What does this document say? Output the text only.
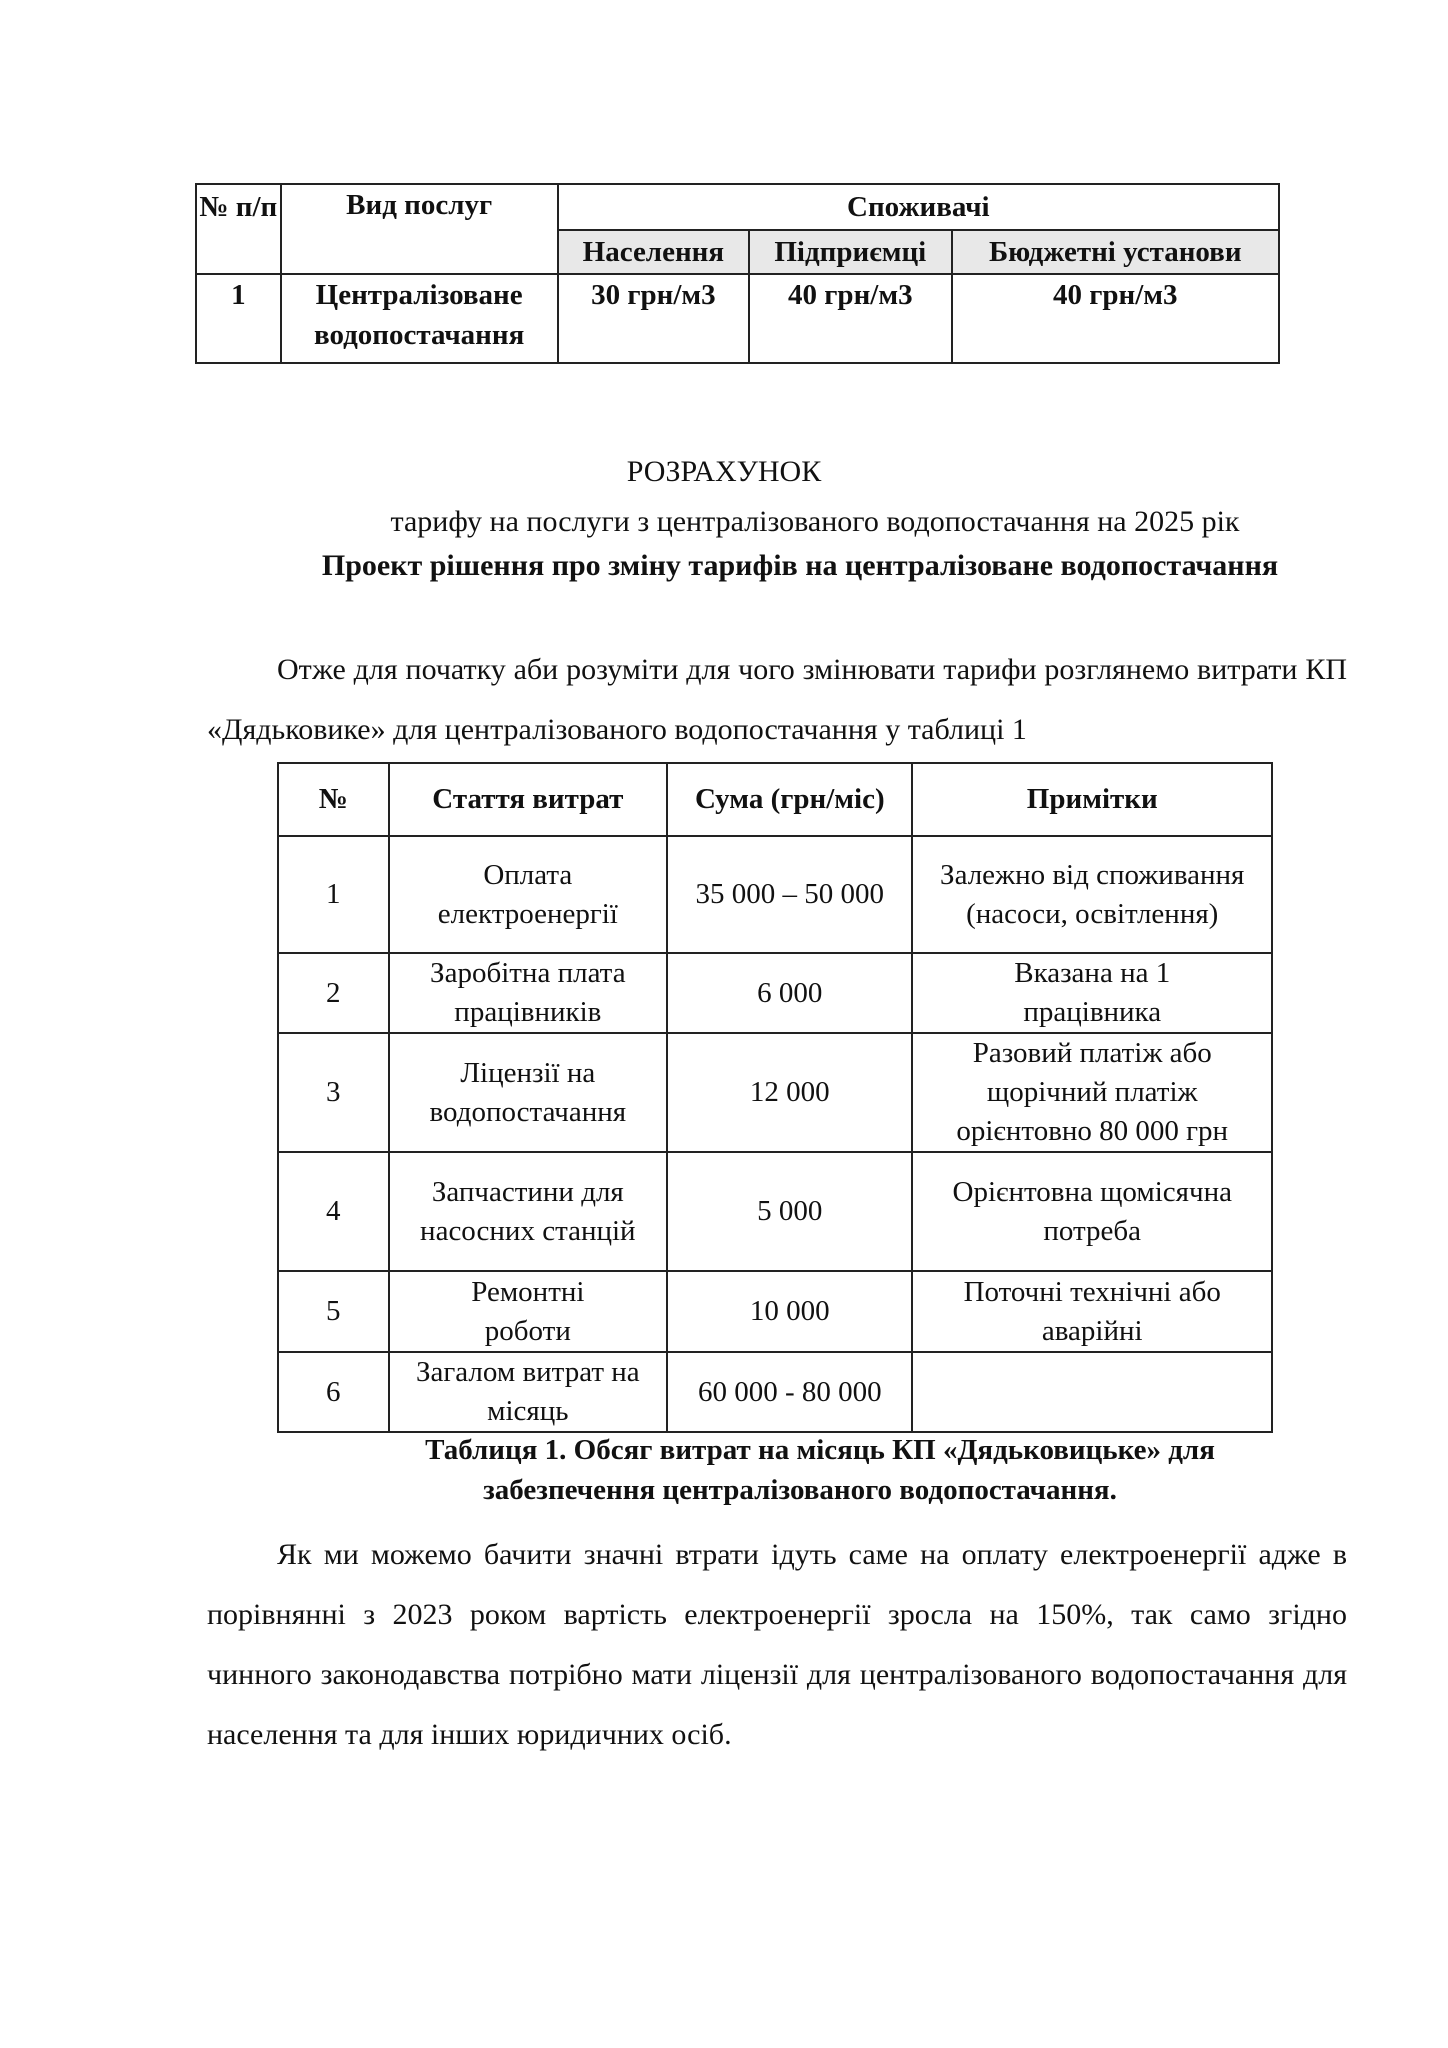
№ п/п	Вид послуг	Споживачі		
		Населення	Підприємці	Бюджетні установи
1	Централізоване водопостачання	30 грн/м3	40 грн/м3	40 грн/м3
РОЗРАХУНОК
тарифу на послуги з централізованого водопостачання на 2025 рік
Проект рішення про зміну тарифів на централізоване водопостачання

Отже для початку аби розуміти для чого змінювати тарифи розглянемо витрати КП «Дядьковике» для централізованого водопостачання у таблиці 1

№	Стаття витрат	Сума (грн/міс)	Примітки
1	Оплата електроенергії	35 000 – 50 000	Залежно від споживання (насоси, освітлення)
2	Заробітна плата працівників	6 000	Вказана на 1 працівника
3	Ліцензії на водопостачання	12 000	Разовий платіж або щорічний платіж орієнтовно 80 000 грн
4	Запчастини для насосних станцій	5 000	Орієнтовна щомісячна потреба
5	Ремонтні роботи	10 000	Поточні технічні або аварійні
6	Загалом витрат на місяць	60 000 - 80 000	
Таблиця 1. Обсяг витрат на місяць КП «Дядьковицьке» для
забезпечення централізованого водопостачання.

Як ми можемо бачити значні втрати ідуть саме на оплату електроенергії адже в порівнянні з 2023 роком вартість електроенергії зросла на 150%, так само згідно чинного законодавства потрібно мати ліцензії для централізованого водопостачання для населення та для інших юридичних осіб.
